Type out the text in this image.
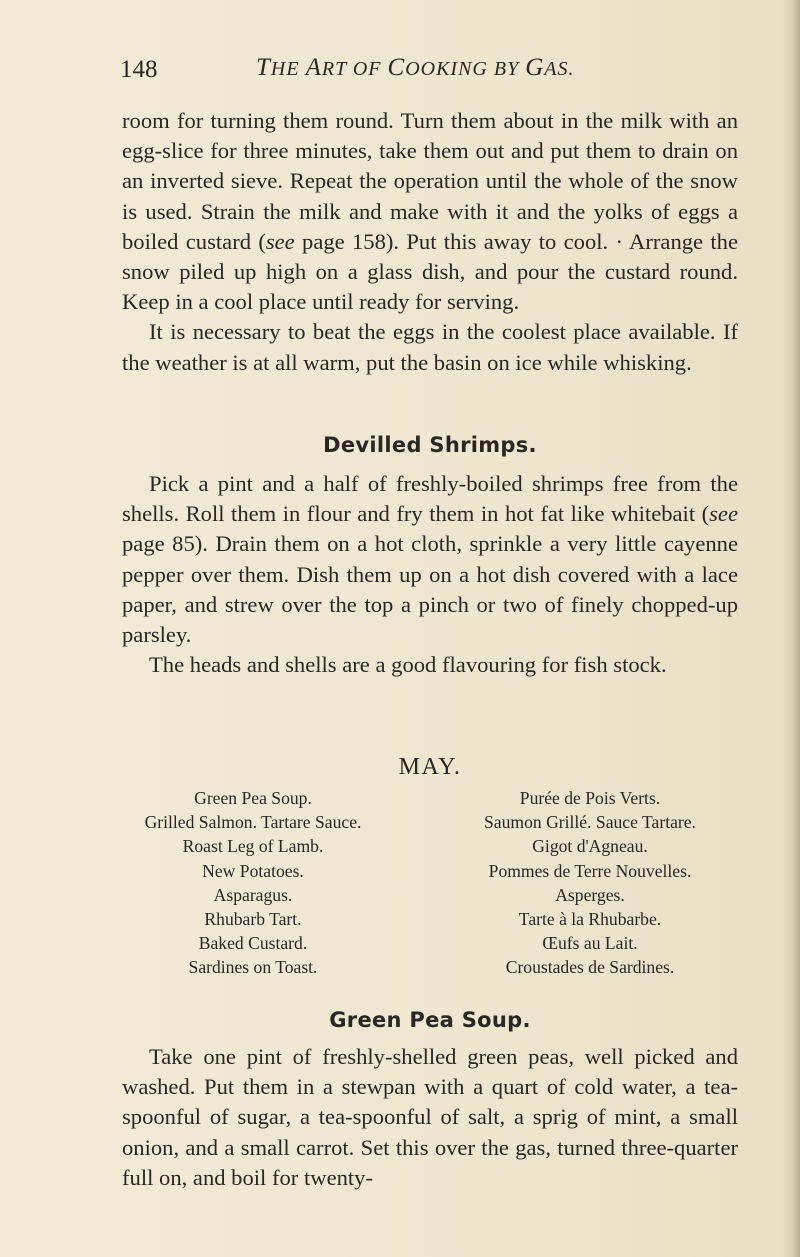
148	THE ART OF COOKING BY GAS.

room for turning them round. Turn them about in the milk with an egg-slice for three minutes, take them out and put them to drain on an inverted sieve. Repeat the operation until the whole of the snow is used. Strain the milk and make with it and the yolks of eggs a boiled custard (see page 158). Put this away to cool. · Arrange the snow piled up high on a glass dish, and pour the custard round. Keep in a cool place until ready for serving.

It is necessary to beat the eggs in the coolest place available. If the weather is at all warm, put the basin on ice while whisking.

Devilled Shrimps.

Pick a pint and a half of freshly-boiled shrimps free from the shells. Roll them in flour and fry them in hot fat like whitebait (see page 85). Drain them on a hot cloth, sprinkle a very little cayenne pepper over them. Dish them up on a hot dish covered with a lace paper, and strew over the top a pinch or two of finely chopped-up parsley.

The heads and shells are a good flavouring for fish stock.

MAY.
Green Pea Soup.
Grilled Salmon. Tartare Sauce.
Roast Leg of Lamb.
New Potatoes.
Asparagus.
Rhubarb Tart.
Baked Custard.
Sardines on Toast.
Purée de Pois Verts.
Saumon Grillé. Sauce Tartare.
Gigot d'Agneau.
Pommes de Terre Nouvelles.
Asperges.
Tarte à la Rhubarbe.
Œufs au Lait.
Croustades de Sardines.
Green Pea Soup.

Take one pint of freshly-shelled green peas, well picked and washed. Put them in a stewpan with a quart of cold water, a tea-spoonful of sugar, a tea-spoonful of salt, a sprig of mint, a small onion, and a small carrot. Set this over the gas, turned three-quarter full on, and boil for twenty-
